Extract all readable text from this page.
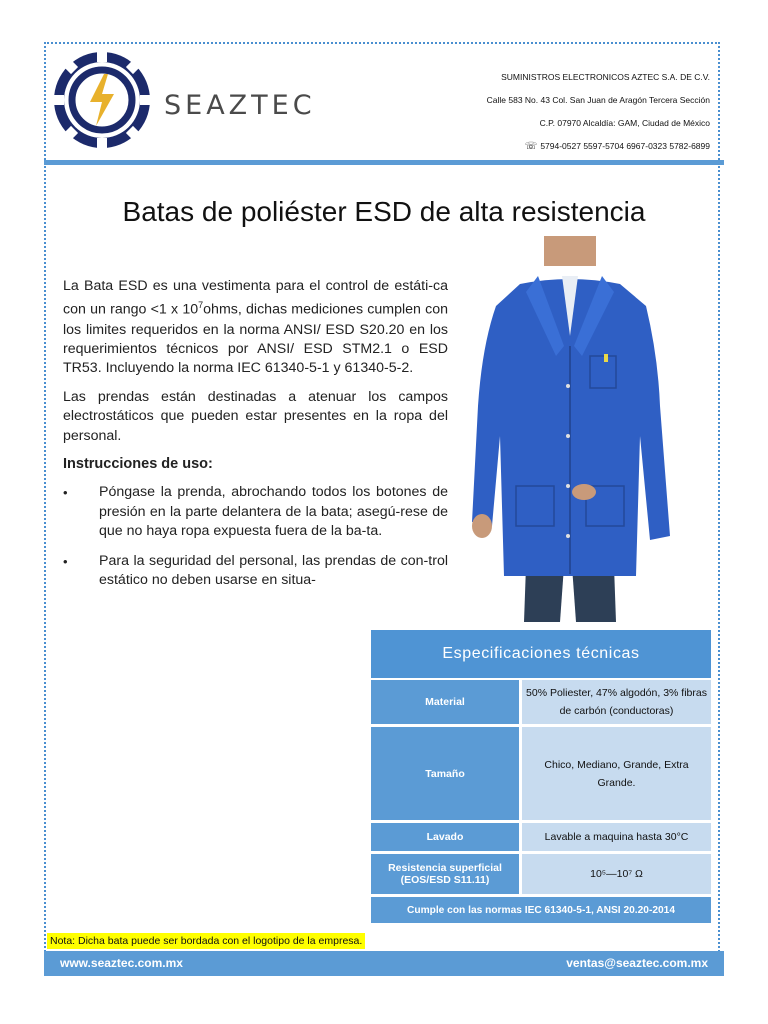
SEAZTEC
SUMINISTROS ELECTRONICOS AZTEC S.A. DE C.V.
Calle 583 No. 43 Col. San Juan de Aragón Tercera Sección
C.P. 07970 Alcaldía: GAM, Ciudad de México
☏ 5794-0527 5597-5704 6967-0323 5782-6899
Batas de poliéster ESD de alta resistencia

La Bata ESD es una vestimenta para el control de estáti-ca con un rango <1 x $10^7ohms$, dichas mediciones cumplen con los limites requeridos en la norma ANSI/ ESD S20.20 en los requerimientos técnicos por ANSI/ ESD STM2.1 o ESD TR53. Incluyendo la norma IEC 61340-5-1 y 61340-5-2.

Las prendas están destinadas a atenuar los campos electrostáticos que pueden estar presentes en la ropa del personal.

Instrucciones de uso:
• Póngase la prenda, abrochando todos los botones de presión en la parte delantera de la bata; asegú-rese de que no haya ropa expuesta fuera de la ba-ta.
• Para la seguridad del personal, las prendas de con-trol estático no deben usarse en situa-
Especificaciones técnicas	
Material	50% Poliester, 47% algodón, 3% fibras de carbón (conductoras)
Tamaño	Chico, Mediano, Grande, Extra Grande.
Lavado	Lavable a maquina hasta 30°C
Resistencia superficial (EOS/ESD S11.11)	10⁵—10⁷ Ω
Cumple con las normas IEC 61340-5-1, ANSI 20.20-2014	
Nota: Dicha bata puede ser bordada con el logotipo de la empresa.
www.seaztec.com.mx	ventas@seaztec.com.mx
